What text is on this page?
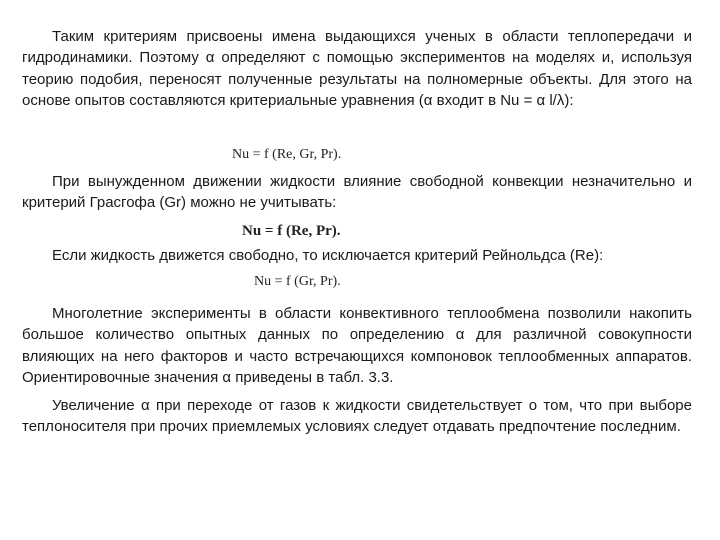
Таким критериям присвоены имена выдающихся ученых в области теплопередачи и гидродинамики. Поэтому α определяют с помощью экспериментов на моделях и, используя теорию подобия, переносят полученные результаты на полномерные объекты. Для этого на основе опытов составляются критериальные уравнения (α входит в Nu = α l/λ):

Nu = f (Re, Gr, Pr).

При вынужденном движении жидкости влияние свободной конвекции незначительно и критерий Грасгофа (Gr) можно не учитывать:

Nu = f (Re, Pr).

Если жидкость движется свободно, то исключается критерий Рейнольдса (Re):

Nu = f (Gr, Pr).

Многолетние эксперименты в области конвективного теплообмена позволили накопить большое количество опытных данных по определению α для различной совокупности влияющих на него факторов и часто встречающихся компоновок теплообменных аппаратов. Ориентировочные значения α приведены в табл. 3.3.

Увеличение α при переходе от газов к жидкости свидетельствует о том, что при выборе теплоносителя при прочих приемлемых условиях следует отдавать предпочтение последним.
